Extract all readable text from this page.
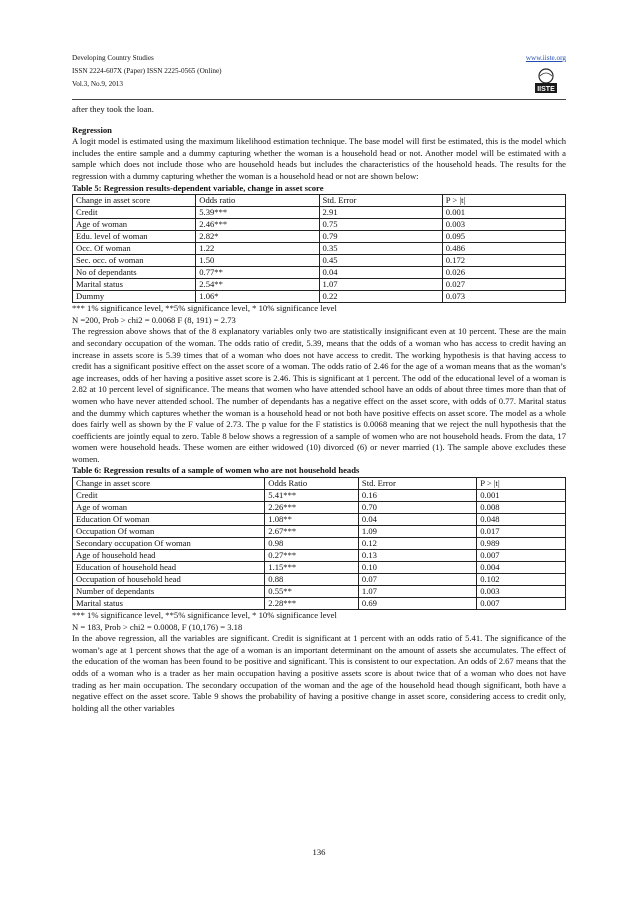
Developing Country Studies
ISSN 2224-607X (Paper) ISSN 2225-0565 (Online)
Vol.3, No.9, 2013
www.iiste.org
IISTE

after they took the loan.

Regression

A logit model is estimated using the maximum likelihood estimation technique. The base model will first be estimated, this is the model which includes the entire sample and a dummy capturing whether the woman is a household head or not. Another model will be estimated with a sample which does not include those who are household heads but includes the characteristics of the household heads. The results for the regression with a dummy capturing whether the woman is a household head or not are shown below:

Table 5: Regression results-dependent variable, change in asset score
Change in asset score	Odds ratio	Std. Error	P > |t|
Credit	5.39***	2.91	0.001
Age of woman	2.46***	0.75	0.003
Edu. level of woman	2.82*	0.79	0.095
Occ. Of woman	1.22	0.35	0.486
Sec. occ. of woman	1.50	0.45	0.172
No of dependants	0.77**	0.04	0.026
Marital status	2.54**	1.07	0.027
Dummy	1.06*	0.22	0.073

*** 1% significance level, **5% significance level, * 10% significance level

N =200, Prob > chi2 = 0.0068 F (8, 191) = 2.73

The regression above shows that of the 8 explanatory variables only two are statistically insignificant even at 10 percent. These are the main and secondary occupation of the woman. The odds ratio of credit, 5.39, means that the odds of a woman who has access to credit having an increase in assets score is 5.39 times that of a woman who does not have access to credit. The working hypothesis is that having access to credit has a significant positive effect on the asset score of a woman. The odds ratio of 2.46 for the age of a woman means that as the woman’s age increases, odds of her having a positive asset score is 2.46. This is significant at 1 percent. The odd of the educational level of a woman is 2.82 at 10 percent level of significance. The means that women who have attended school have an odds of about three times more than that of women who have never attended school. The number of dependants has a negative effect on the asset score, with odds of 0.77. Marital status and the dummy which captures whether the woman is a household head or not both have positive effects on asset score. The model as a whole does fairly well as shown by the F value of 2.73. The p value for the F statistics is 0.0068 meaning that we reject the null hypothesis that the coefficients are jointly equal to zero. Table 8 below shows a regression of a sample of women who are not household heads. From the data, 17 women were household heads. These women are either widowed (10) divorced (6) or never married (1). The sample above excludes these women.

Table 6: Regression results of a sample of women who are not household heads
Change in asset score	Odds Ratio	Std. Error	P > |t|
Credit	5.41***	0.16	0.001
Age of woman	2.26***	0.70	0.008
Education Of woman	1.08**	0.04	0.048
Occupation Of woman	2.67***	1.09	0.017
Secondary occupation Of woman	0.98	0.12	0.989
Age of household head	0.27***	0.13	0.007
Education of household head	1.15***	0.10	0.004
Occupation of household head	0.88	0.07	0.102
Number of dependants	0.55**	1.07	0.003
Marital status	2.28***	0.69	0.007

*** 1% significance level, **5% significance level, * 10% significance level

N = 183, Prob > chi2 = 0.0008, F (10,176) = 3.18

In the above regression, all the variables are significant. Credit is significant at 1 percent with an odds ratio of 5.41. The significance of the woman’s age at 1 percent shows that the age of a woman is an important determinant on the amount of assets she accumulates. The effect of the education of the woman has been found to be positive and significant. This is consistent to our expectation. An odds of 2.67 means that the odds of a woman who is a trader as her main occupation having a positive assets score is about twice that of a woman who does not have trading as her main occupation. The secondary occupation of the woman and the age of the household head though significant, both have a negative effect on the asset score. Table 9 shows the probability of having a positive change in asset score, considering access to credit only, holding all the other variables

136
